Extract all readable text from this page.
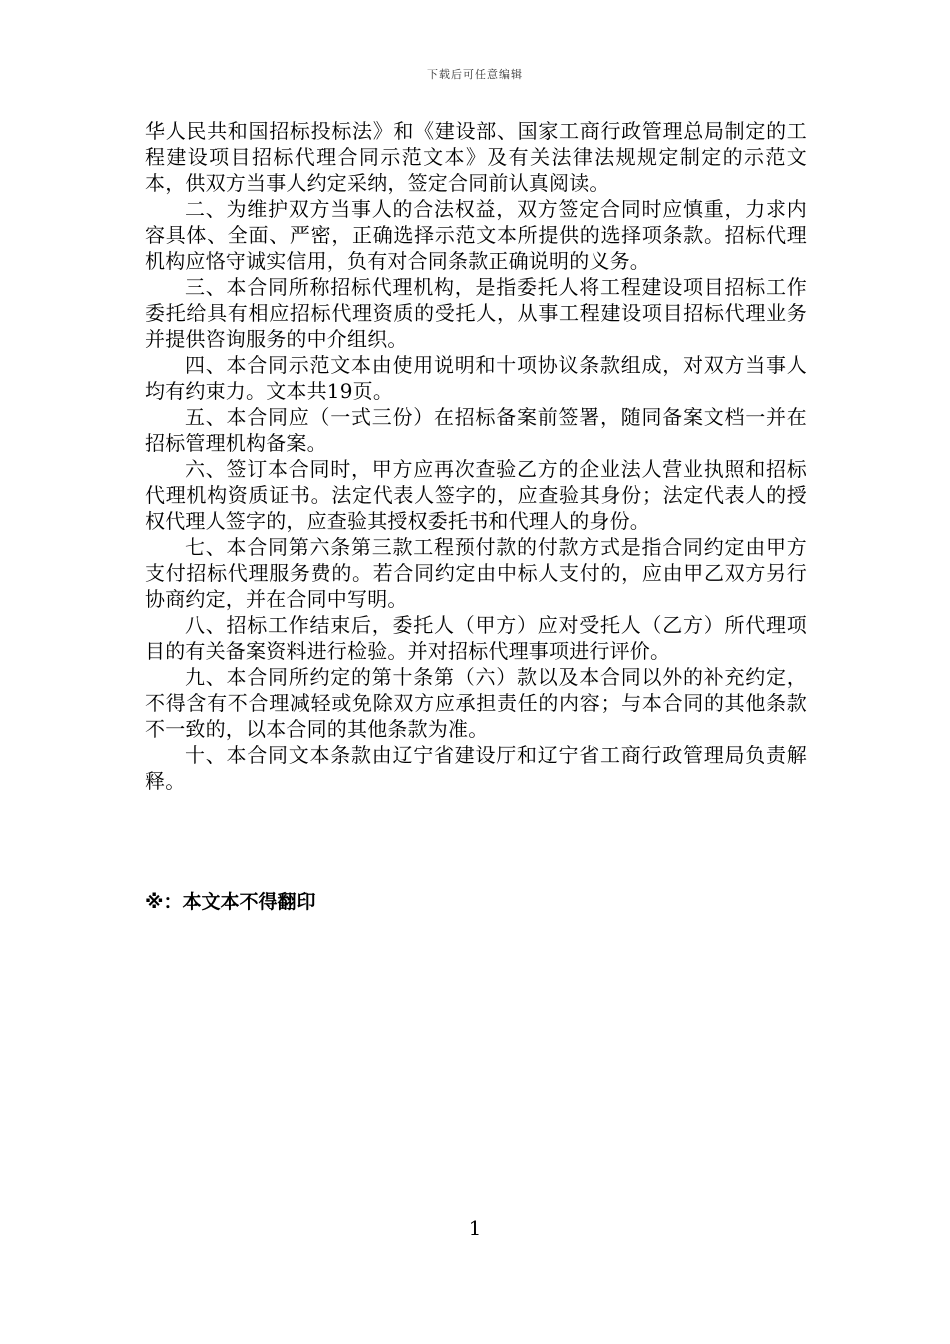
下载后可任意编辑

华人民共和国招标投标法》和《建设部、国家工商行政管理总局制定的工程建设项目招标代理合同示范文本》及有关法律法规规定制定的示范文本，供双方当事人约定采纳，签定合同前认真阅读。

二、为维护双方当事人的合法权益，双方签定合同时应慎重，力求内容具体、全面、严密，正确选择示范文本所提供的选择项条款。招标代理机构应恪守诚实信用，负有对合同条款正确说明的义务。

三、本合同所称招标代理机构，是指委托人将工程建设项目招标工作委托给具有相应招标代理资质的受托人，从事工程建设项目招标代理业务并提供咨询服务的中介组织。

四、本合同示范文本由使用说明和十项协议条款组成，对双方当事人均有约束力。文本共19页。

五、本合同应（一式三份）在招标备案前签署，随同备案文档一并在招标管理机构备案。

六、签订本合同时，甲方应再次查验乙方的企业法人营业执照和招标代理机构资质证书。法定代表人签字的，应查验其身份；法定代表人的授权代理人签字的，应查验其授权委托书和代理人的身份。

七、本合同第六条第三款工程预付款的付款方式是指合同约定由甲方支付招标代理服务费的。若合同约定由中标人支付的，应由甲乙双方另行协商约定，并在合同中写明。

八、招标工作结束后，委托人（甲方）应对受托人（乙方）所代理项目的有关备案资料进行检验。并对招标代理事项进行评价。

九、本合同所约定的第十条第（六）款以及本合同以外的补充约定，不得含有不合理减轻或免除双方应承担责任的内容；与本合同的其他条款不一致的，以本合同的其他条款为准。

十、本合同文本条款由辽宁省建设厅和辽宁省工商行政管理局负责解释。

※：本文本不得翻印
1
